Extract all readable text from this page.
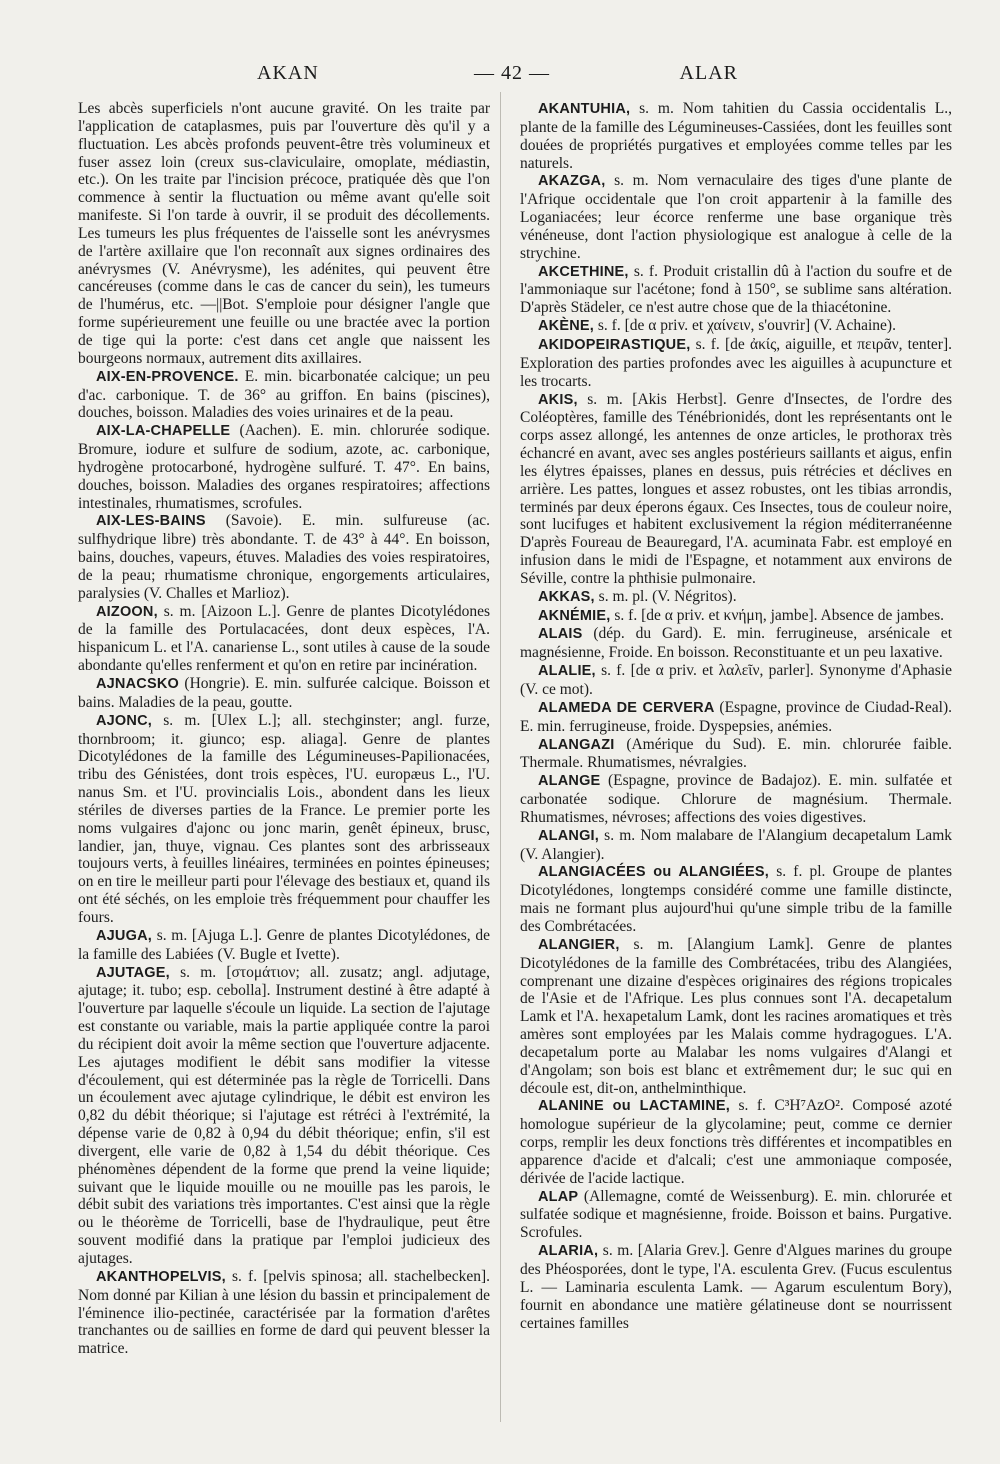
AKAN	— 42 —	ALAR

Les abcès superficiels n'ont aucune gravité. On les traite par l'application de cataplasmes, puis par l'ouverture dès qu'il y a fluctuation. Les abcès profonds peuvent-être très volumineux et fuser assez loin (creux sus-claviculaire, omoplate, médiastin, etc.). On les traite par l'incision précoce, pratiquée dès que l'on commence à sentir la fluctuation ou même avant qu'elle soit manifeste. Si l'on tarde à ouvrir, il se produit des décollements. Les tumeurs les plus fréquentes de l'aisselle sont les anévrysmes de l'artère axillaire que l'on reconnaît aux signes ordinaires des anévrysmes (V. Anévrysme), les adénites, qui peuvent être cancéreuses (comme dans le cas de cancer du sein), les tumeurs de l'humérus, etc. —||Bot. S'emploie pour désigner l'angle que forme supérieurement une feuille ou une bractée avec la portion de tige qui la porte: c'est dans cet angle que naissent les bourgeons normaux, autrement dits axillaires.

AIX-EN-PROVENCE. E. min. bicarbonatée calcique; un peu d'ac. carbonique. T. de 36° au griffon. En bains (piscines), douches, boisson. Maladies des voies urinaires et de la peau.

AIX-LA-CHAPELLE (Aachen). E. min. chlorurée sodique. Bromure, iodure et sulfure de sodium, azote, ac. carbonique, hydrogène protocarboné, hydrogène sulfuré. T. 47°. En bains, douches, boisson. Maladies des organes respiratoires; affections intestinales, rhumatismes, scrofules.

AIX-LES-BAINS (Savoie). E. min. sulfureuse (ac. sulfhydrique libre) très abondante. T. de 43° à 44°. En boisson, bains, douches, vapeurs, étuves. Maladies des voies respiratoires, de la peau; rhumatisme chronique, engorgements articulaires, paralysies (V. Challes et Marlioz).

AIZOON, s. m. [Aizoon L.]. Genre de plantes Dicotylédones de la famille des Portulacacées, dont deux espèces, l'A. hispanicum L. et l'A. canariense L., sont utiles à cause de la soude abondante qu'elles renferment et qu'on en retire par incinération.

AJNACSKO (Hongrie). E. min. sulfurée calcique. Boisson et bains. Maladies de la peau, goutte.

AJONC, s. m. [Ulex L.]; all. stechginster; angl. furze, thornbroom; it. giunco; esp. aliaga]. Genre de plantes Dicotylédones de la famille des Légumineuses-Papilionacées, tribu des Génistées, dont trois espèces, l'U. europæus L., l'U. nanus Sm. et l'U. provincialis Lois., abondent dans les lieux stériles de diverses parties de la France. Le premier porte les noms vulgaires d'ajonc ou jonc marin, genêt épineux, brusc, landier, jan, thuye, vignau. Ces plantes sont des arbrisseaux toujours verts, à feuilles linéaires, terminées en pointes épineuses; on en tire le meilleur parti pour l'élevage des bestiaux et, quand ils ont été séchés, on les emploie très fréquemment pour chauffer les fours.

AJUGA, s. m. [Ajuga L.]. Genre de plantes Dicotylédones, de la famille des Labiées (V. Bugle et Ivette).

AJUTAGE, s. m. [στομάτιον; all. zusatz; angl. adjutage, ajutage; it. tubo; esp. cebolla]. Instrument destiné à être adapté à l'ouverture par laquelle s'écoule un liquide. La section de l'ajutage est constante ou variable, mais la partie appliquée contre la paroi du récipient doit avoir la même section que l'ouverture adjacente. Les ajutages modifient le débit sans modifier la vitesse d'écoulement, qui est déterminée pas la règle de Torricelli. Dans un écoulement avec ajutage cylindrique, le débit est environ les 0,82 du débit théorique; si l'ajutage est rétréci à l'extrémité, la dépense varie de 0,82 à 0,94 du débit théorique; enfin, s'il est divergent, elle varie de 0,82 à 1,54 du débit théorique. Ces phénomènes dépendent de la forme que prend la veine liquide; suivant que le liquide mouille ou ne mouille pas les parois, le débit subit des variations très importantes. C'est ainsi que la règle ou le théorème de Torricelli, base de l'hydraulique, peut être souvent modifié dans la pratique par l'emploi judicieux des ajutages.

AKANTHOPELVIS, s. f. [pelvis spinosa; all. stachelbecken]. Nom donné par Kilian à une lésion du bassin et principalement de l'éminence ilio-pectinée, caractérisée par la formation d'arêtes tranchantes ou de saillies en forme de dard qui peuvent blesser la matrice.

AKANTUHIA, s. m. Nom tahitien du Cassia occidentalis L., plante de la famille des Légumineuses-Cassiées, dont les feuilles sont douées de propriétés purgatives et employées comme telles par les naturels.

AKAZGA, s. m. Nom vernaculaire des tiges d'une plante de l'Afrique occidentale que l'on croit appartenir à la famille des Loganiacées; leur écorce renferme une base organique très vénéneuse, dont l'action physiologique est analogue à celle de la strychine.

AKCETHINE, s. f. Produit cristallin dû à l'action du soufre et de l'ammoniaque sur l'acétone; fond à 150°, se sublime sans altération. D'après Städeler, ce n'est autre chose que de la thiacétonine.

AKÈNE, s. f. [de α priv. et χαίνειν, s'ouvrir] (V. Achaine).

AKIDOPEIRASTIQUE, s. f. [de ἀκίς, aiguille, et πειρᾶν, tenter]. Exploration des parties profondes avec les aiguilles à acupuncture et les trocarts.

AKIS, s. m. [Akis Herbst]. Genre d'Insectes, de l'ordre des Coléoptères, famille des Ténébrionidés, dont les représentants ont le corps assez allongé, les antennes de onze articles, le prothorax très échancré en avant, avec ses angles postérieurs saillants et aigus, enfin les élytres épaisses, planes en dessus, puis rétrécies et déclives en arrière. Les pattes, longues et assez robustes, ont les tibias arrondis, terminés par deux éperons égaux. Ces Insectes, tous de couleur noire, sont lucifuges et habitent exclusivement la région méditerranéenne D'après Foureau de Beauregard, l'A. acuminata Fabr. est employé en infusion dans le midi de l'Espagne, et notamment aux environs de Séville, contre la phthisie pulmonaire.

AKKAS, s. m. pl. (V. Négritos).

AKNÉMIE, s. f. [de α priv. et κνήμη, jambe]. Absence de jambes.

ALAIS (dép. du Gard). E. min. ferrugineuse, arsénicale et magnésienne, Froide. En boisson. Reconstituante et un peu laxative.

ALALIE, s. f. [de α priv. et λαλεῖν, parler]. Synonyme d'Aphasie (V. ce mot).

ALAMEDA DE CERVERA (Espagne, province de Ciudad-Real). E. min. ferrugineuse, froide. Dyspepsies, anémies.

ALANGAZI (Amérique du Sud). E. min. chlorurée faible. Thermale. Rhumatismes, névralgies.

ALANGE (Espagne, province de Badajoz). E. min. sulfatée et carbonatée sodique. Chlorure de magnésium. Thermale. Rhumatismes, névroses; affections des voies digestives.

ALANGI, s. m. Nom malabare de l'Alangium decapetalum Lamk (V. Alangier).

ALANGIACÉES ou ALANGIÉES, s. f. pl. Groupe de plantes Dicotylédones, longtemps considéré comme une famille distincte, mais ne formant plus aujourd'hui qu'une simple tribu de la famille des Combrétacées.

ALANGIER, s. m. [Alangium Lamk]. Genre de plantes Dicotylédones de la famille des Combrétacées, tribu des Alangiées, comprenant une dizaine d'espèces originaires des régions tropicales de l'Asie et de l'Afrique. Les plus connues sont l'A. decapetalum Lamk et l'A. hexapetalum Lamk, dont les racines aromatiques et très amères sont employées par les Malais comme hydragogues. L'A. decapetalum porte au Malabar les noms vulgaires d'Alangi et d'Angolam; son bois est blanc et extrêmement dur; le suc qui en découle est, dit-on, anthelminthique.

ALANINE ou LACTAMINE, s. f. C³H⁷AzO². Composé azoté homologue supérieur de la glycolamine; peut, comme ce dernier corps, remplir les deux fonctions très différentes et incompatibles en apparence d'acide et d'alcali; c'est une ammoniaque composée, dérivée de l'acide lactique.

ALAP (Allemagne, comté de Weissenburg). E. min. chlorurée et sulfatée sodique et magnésienne, froide. Boisson et bains. Purgative. Scrofules.

ALARIA, s. m. [Alaria Grev.]. Genre d'Algues marines du groupe des Phéosporées, dont le type, l'A. esculenta Grev. (Fucus esculentus L. — Laminaria esculenta Lamk. — Agarum esculentum Bory), fournit en abondance une matière gélatineuse dont se nourrissent certaines familles
